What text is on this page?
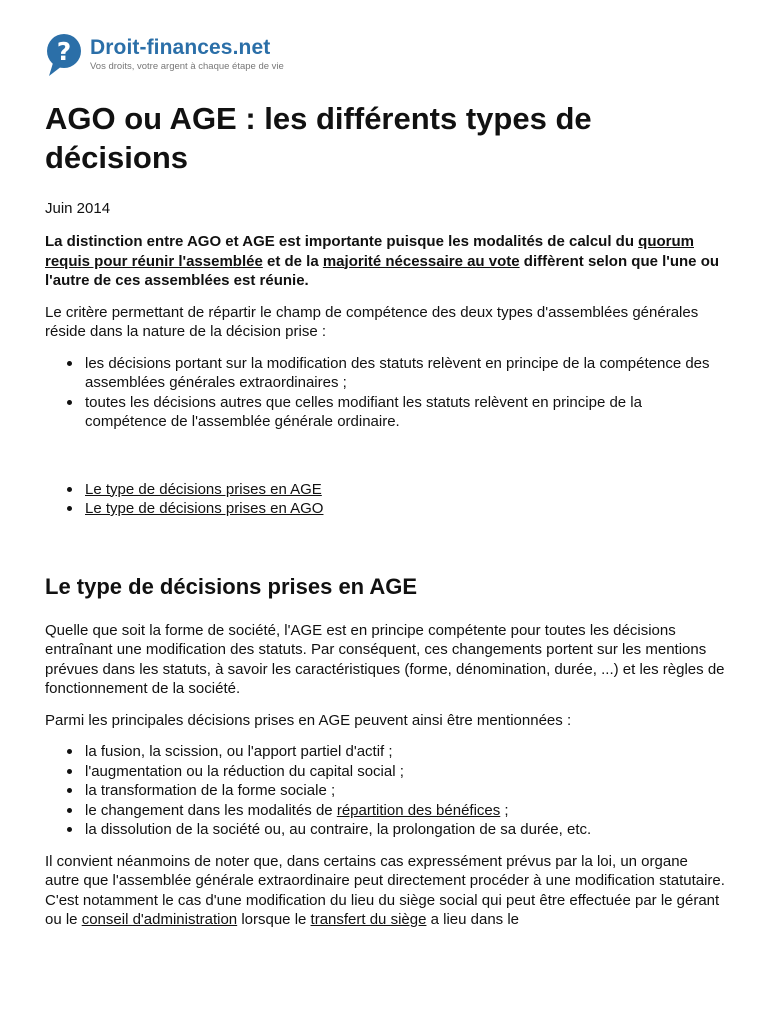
? Droit-finances.net
Vos droits, votre argent à chaque étape de vie
AGO ou AGE : les différents types de décisions
Juin 2014

La distinction entre AGO et AGE est importante puisque les modalités de calcul du quorum requis pour réunir l'assemblée et de la majorité nécessaire au vote diffèrent selon que l'une ou l'autre de ces assemblées est réunie.

Le critère permettant de répartir le champ de compétence des deux types d'assemblées générales réside dans la nature de la décision prise :

les décisions portant sur la modification des statuts relèvent en principe de la compétence des assemblées générales extraordinaires ;
toutes les décisions autres que celles modifiant les statuts relèvent en principe de la compétence de l'assemblée générale ordinaire.
Le type de décisions prises en AGE
Le type de décisions prises en AGO
Le type de décisions prises en AGE

Quelle que soit la forme de société, l'AGE est en principe compétente pour toutes les décisions entraînant une modification des statuts. Par conséquent, ces changements portent sur les mentions prévues dans les statuts, à savoir les caractéristiques (forme, dénomination, durée, ...) et les règles de fonctionnement de la société.

Parmi les principales décisions prises en AGE peuvent ainsi être mentionnées :

la fusion, la scission, ou l'apport partiel d'actif ;
l'augmentation ou la réduction du capital social ;
la transformation de la forme sociale ;
le changement dans les modalités de répartition des bénéfices ;
la dissolution de la société ou, au contraire, la prolongation de sa durée, etc.

Il convient néanmoins de noter que, dans certains cas expressément prévus par la loi, un organe autre que l'assemblée générale extraordinaire peut directement procéder à une modification statutaire. C'est notamment le cas d'une modification du lieu du siège social qui peut être effectuée par le gérant ou le conseil d'administration lorsque le transfert du siège a lieu dans le
